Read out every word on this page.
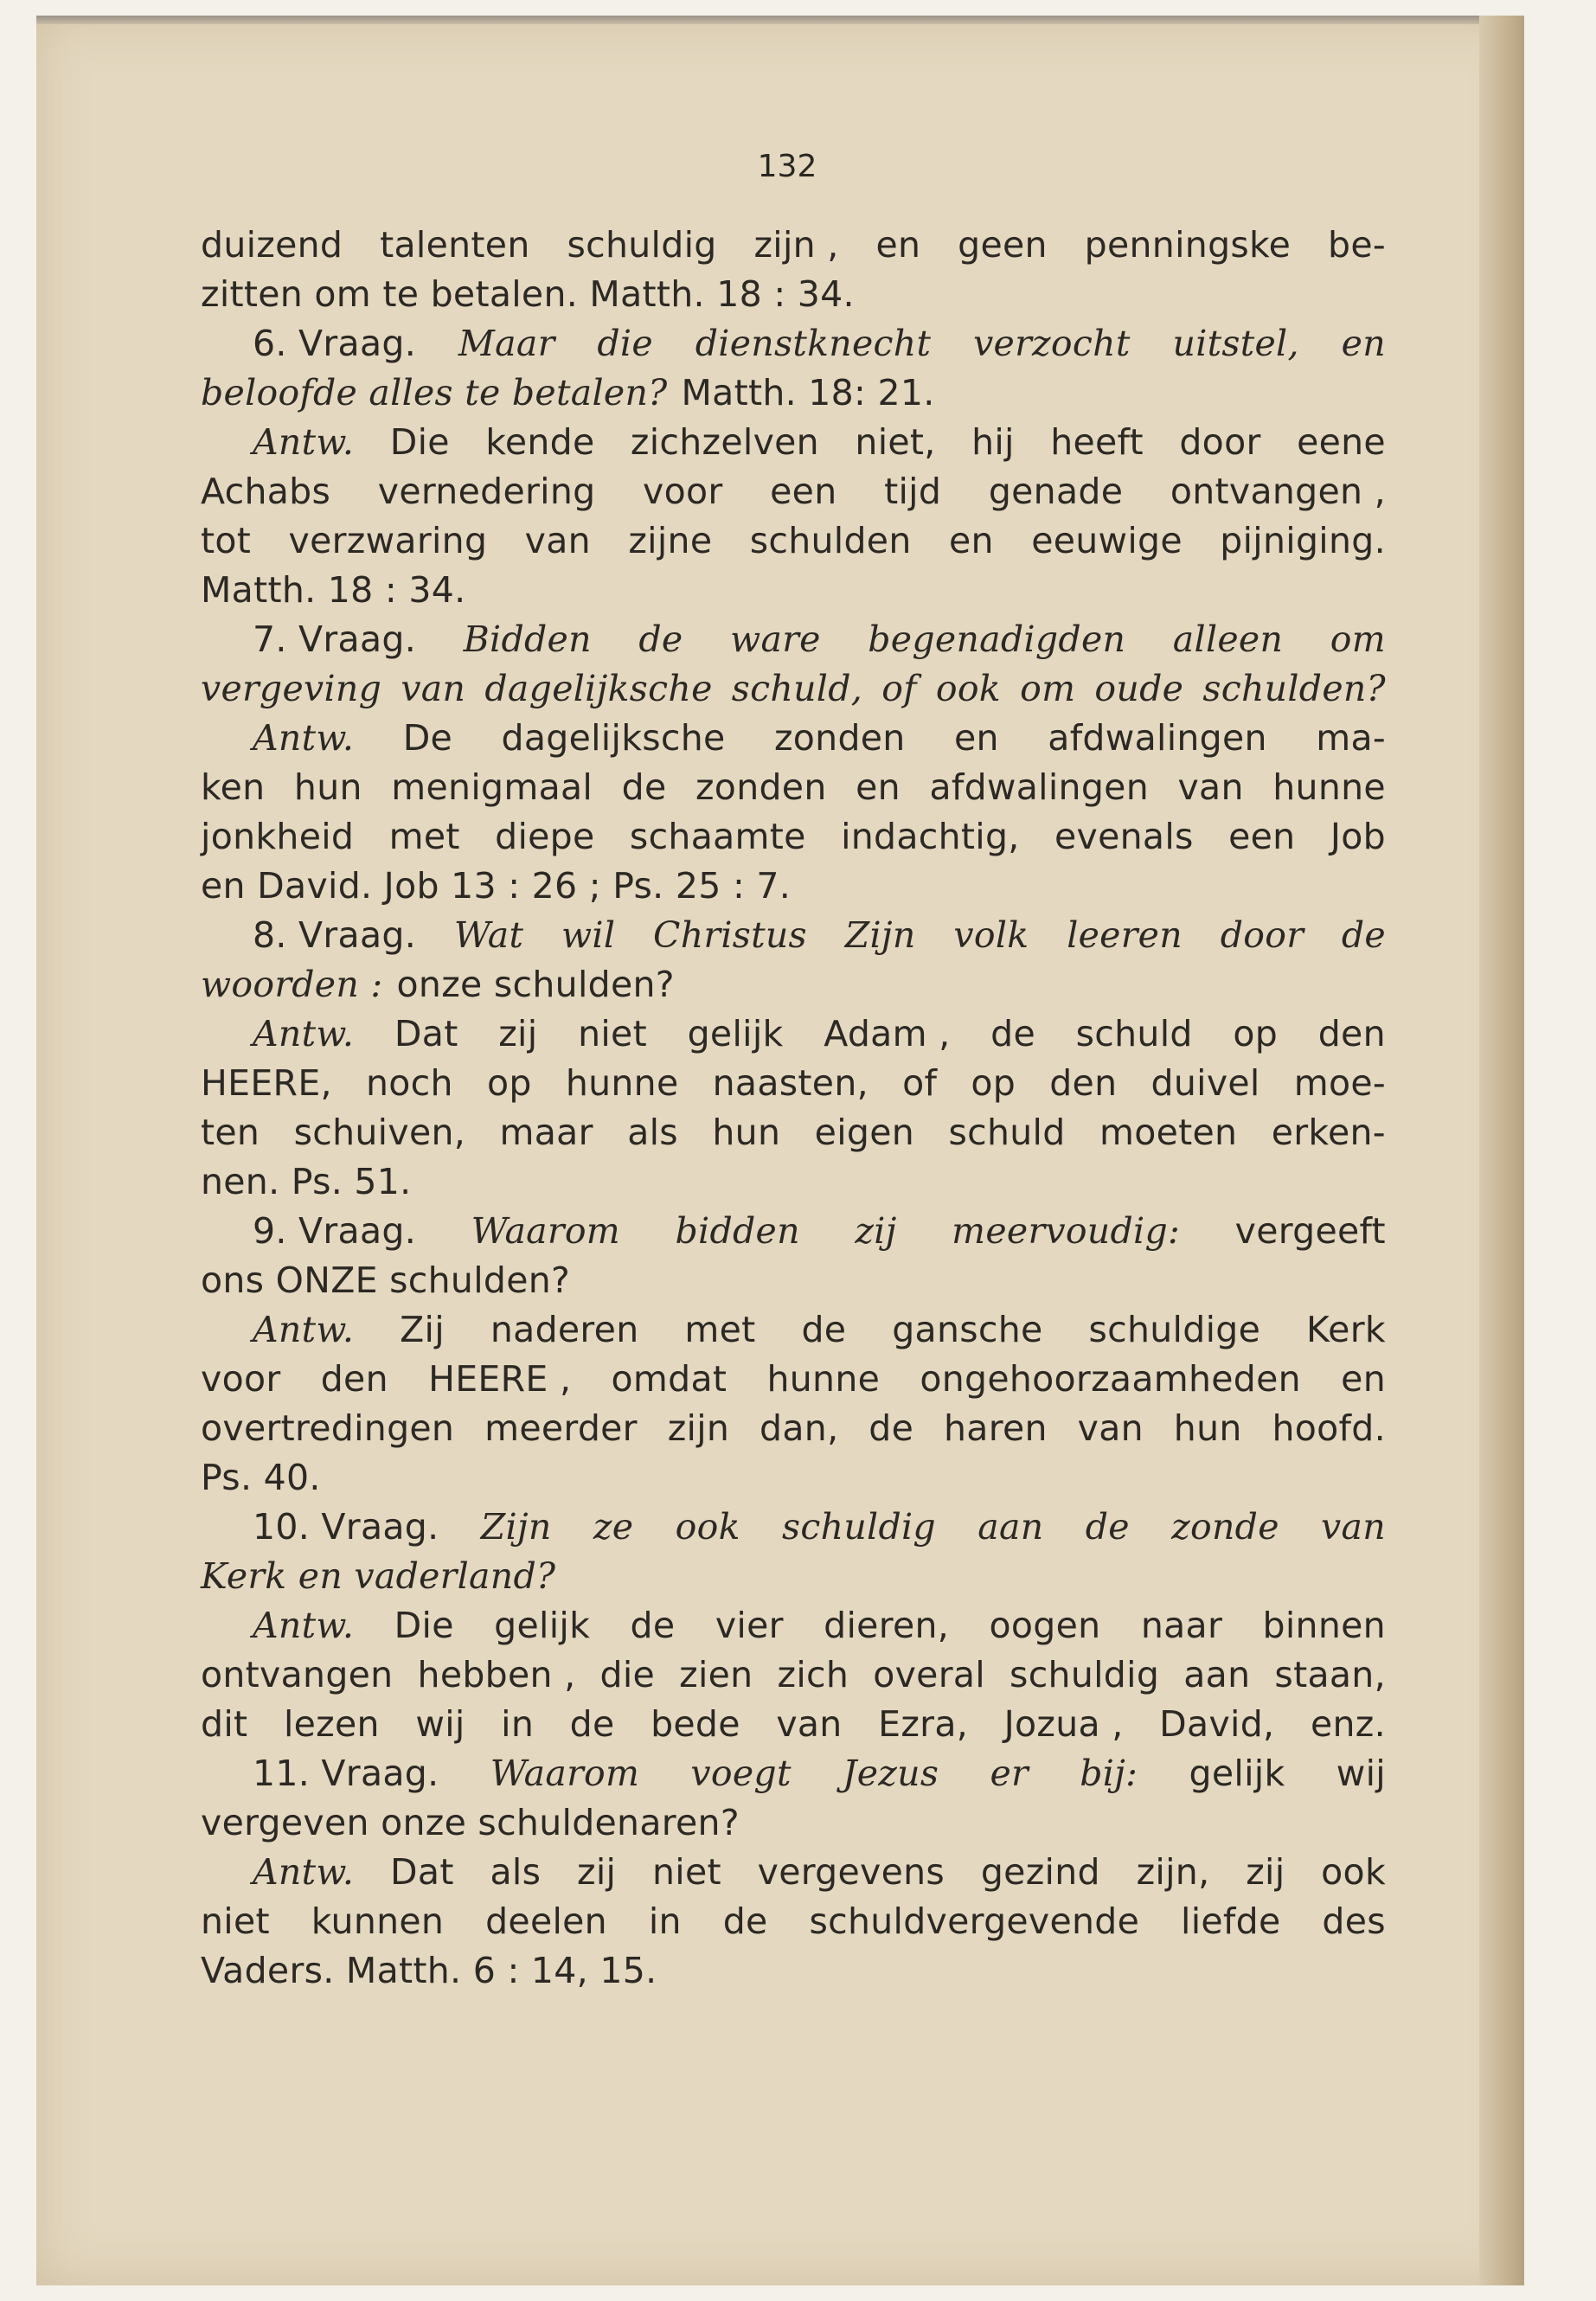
132
duizend talenten schuldig zijn , en geen penningske be-
zitten om te betalen. Matth. 18 : 34.
6. Vraag. Maar die dienstknecht verzocht uitstel, en
beloofde alles te betalen? Matth. 18: 21.
Antw. Die kende zichzelven niet, hij heeft door eene
Achabs vernedering voor een tijd genade ontvangen ,
tot verzwaring van zijne schulden en eeuwige pijniging.
Matth. 18 : 34.
7. Vraag. Bidden de ware begenadigden alleen om
vergeving van dagelijksche schuld, of ook om oude schulden?
Antw. De dagelijksche zonden en afdwalingen ma-
ken hun menigmaal de zonden en afdwalingen van hunne
jonkheid met diepe schaamte indachtig, evenals een Job
en David. Job 13 : 26 ; Ps. 25 : 7.
8. Vraag. Wat wil Christus Zijn volk leeren door de
woorden : onze schulden?
Antw. Dat zij niet gelijk Adam , de schuld op den
HEERE, noch op hunne naasten, of op den duivel moe-
ten schuiven, maar als hun eigen schuld moeten erken-
nen. Ps. 51.
9. Vraag. Waarom bidden zij meervoudig: vergeeft
ons ONZE schulden?
Antw. Zij naderen met de gansche schuldige Kerk
voor den HEERE , omdat hunne ongehoorzaamheden en
overtredingen meerder zijn dan, de haren van hun hoofd.
Ps. 40.
10. Vraag. Zijn ze ook schuldig aan de zonde van
Kerk en vaderland?
Antw. Die gelijk de vier dieren, oogen naar binnen
ontvangen hebben , die zien zich overal schuldig aan staan,
dit lezen wij in de bede van Ezra, Jozua , David, enz.
11. Vraag. Waarom voegt Jezus er bij: gelijk wij
vergeven onze schuldenaren?
Antw. Dat als zij niet vergevens gezind zijn, zij ook
niet kunnen deelen in de schuldvergevende liefde des
Vaders. Matth. 6 : 14, 15.
